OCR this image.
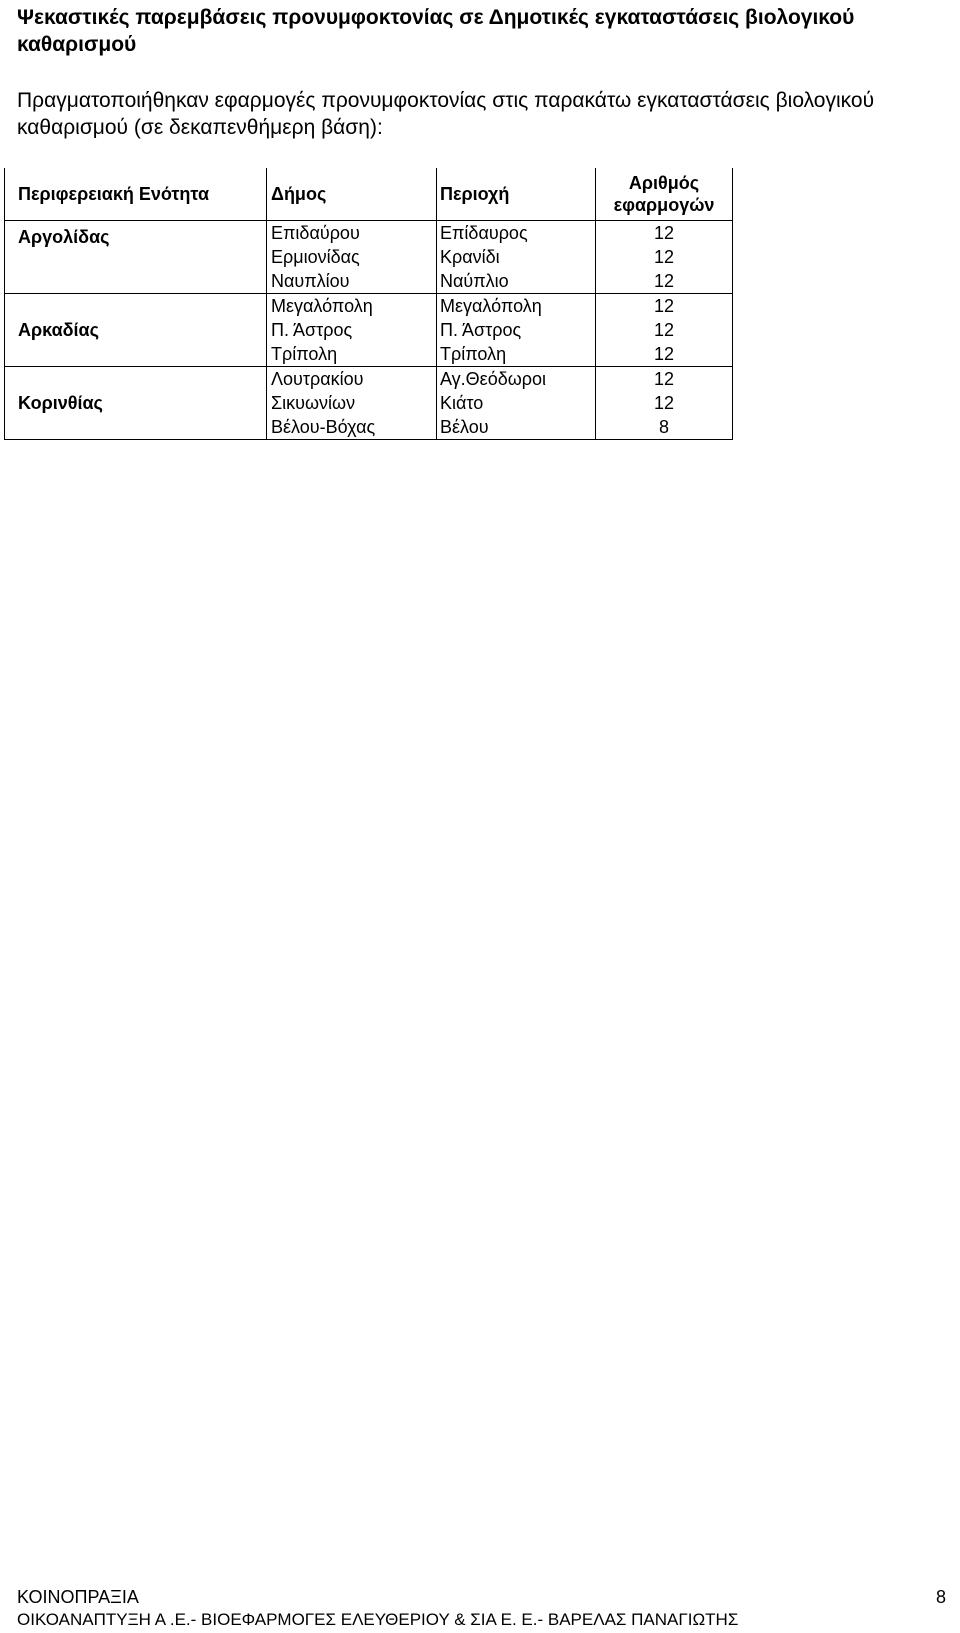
Ψεκαστικές παρεμβάσεις προνυμφοκτονίας σε Δημοτικές εγκαταστάσεις βιολογικού καθαρισμού

Πραγματοποιήθηκαν εφαρμογές προνυμφοκτονίας στις παρακάτω εγκαταστάσεις βιολογικού καθαρισμού (σε δεκαπενθήμερη βάση):

Περιφερειακή Ενότητα	Δήμος	Περιοχή	Αριθμός εφαρμογών
Αργολίδας	Επιδαύρου	Επίδαυρος	12
	Ερμιονίδας	Κρανίδι	12
	Ναυπλίου	Ναύπλιο	12
Αρκαδίας	Μεγαλόπολη	Μεγαλόπολη	12
	Π. Άστρος	Π. Άστρος	12
	Τρίπολη	Τρίπολη	12
Κορινθίας	Λουτρακίου	Αγ.Θεόδωροι	12
	Σικυωνίων	Κιάτο	12
	Βέλου-Βόχας	Βέλου	8

ΚΟΙΝΟΠΡΑΞΙΑ

ΟΙΚΟΑΝΑΠΤΥΞΗ Α .Ε.- ΒΙΟΕΦΑΡΜΟΓΕΣ ΕΛΕΥΘΕΡΙΟΥ & ΣΙΑ Ε. Ε.- ΒΑΡΕΛΑΣ ΠΑΝΑΓΙΩΤΗΣ

8
